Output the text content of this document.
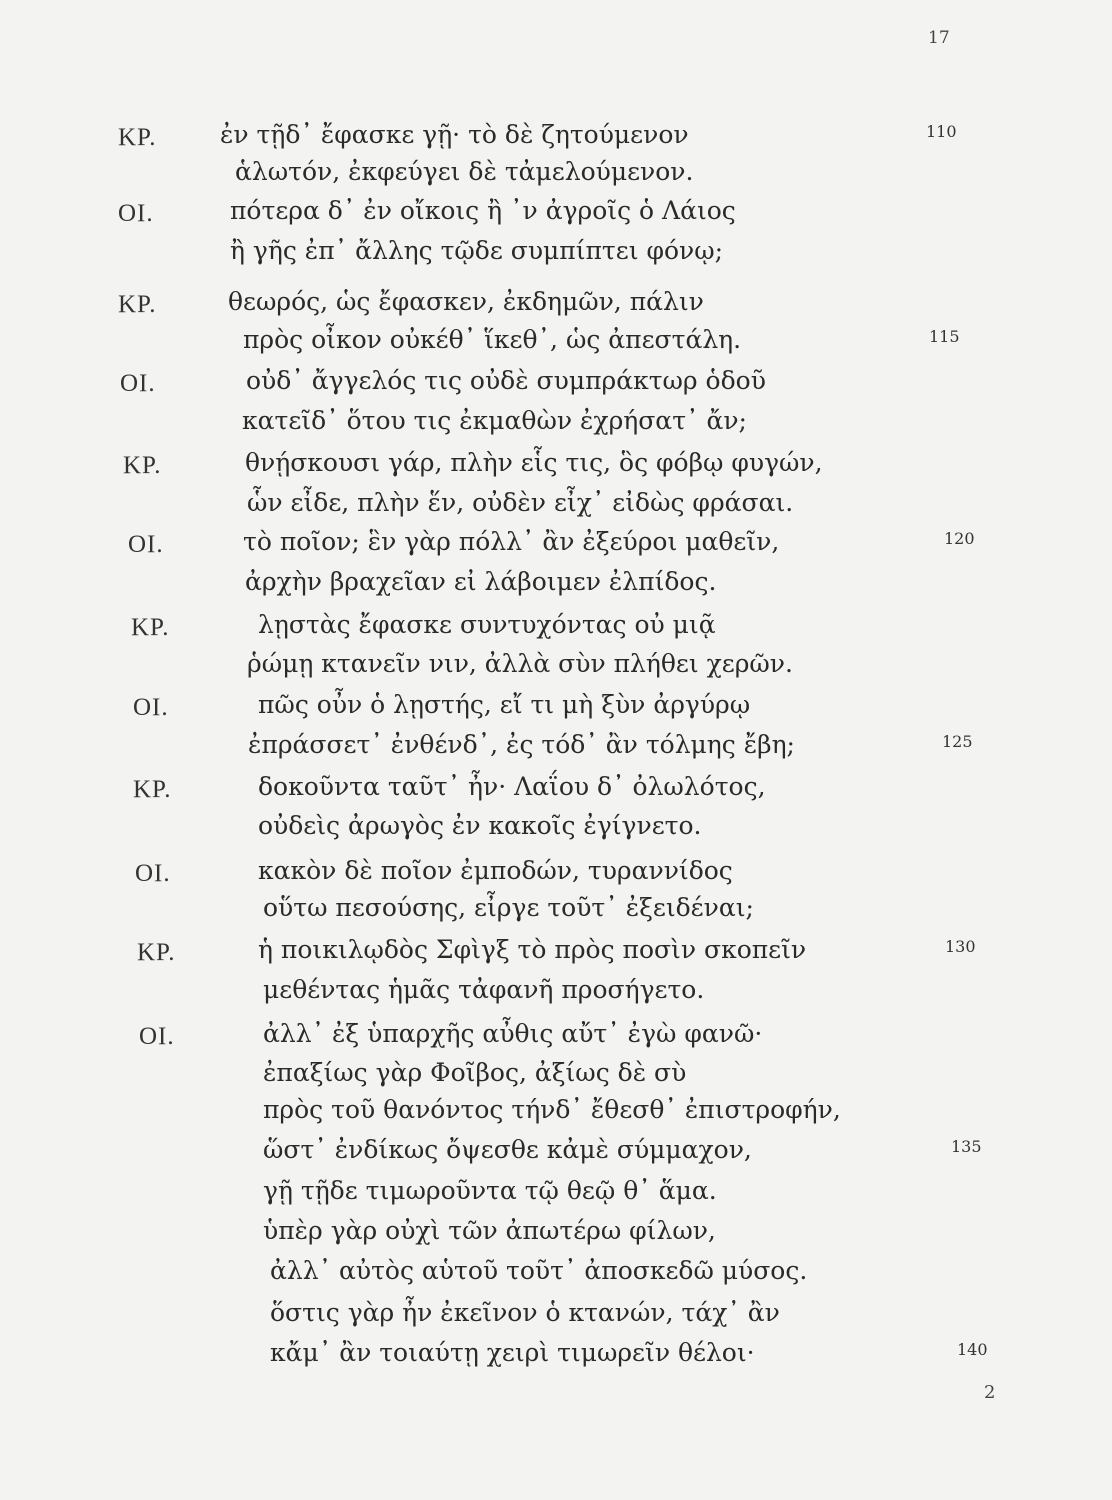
17
ΚΡ.	ἐν τῇδ᾽ ἔφασκε γῇ· τὸ δὲ ζητούμενον	110
ἁλωτόν, ἐκφεύγει δὲ τἀμελούμενον.
ΟΙ.	πότερα δ᾽ ἐν οἴκοις ἢ ᾽ν ἀγροῖς ὁ Λάιος
ἢ γῆς ἐπ᾽ ἄλλης τῷδε συμπίπτει φόνῳ;
ΚΡ.	θεωρός, ὡς ἔφασκεν, ἐκδημῶν, πάλιν
πρὸς οἶκον οὐκέθ᾽ ἵκεθ᾽, ὡς ἀπεστάλη.	115
ΟΙ.	οὐδ᾽ ἄγγελός τις οὐδὲ συμπράκτωρ ὁδοῦ
κατεῖδ᾽ ὅτου τις ἐκμαθὼν ἐχρήσατ᾽ ἄν;
ΚΡ.	θνῄσκουσι γάρ, πλὴν εἷς τις, ὃς φόβῳ φυγών,
ὧν εἶδε, πλὴν ἕν, οὐδὲν εἶχ᾽ εἰδὼς φράσαι.
ΟΙ.	τὸ ποῖον; ἓν γὰρ πόλλ᾽ ἂν ἐξεύροι μαθεῖν,	120
ἀρχὴν βραχεῖαν εἰ λάβοιμεν ἐλπίδος.
ΚΡ.	λῃστὰς ἔφασκε συντυχόντας οὐ μιᾷ
ῥώμῃ κτανεῖν νιν, ἀλλὰ σὺν πλήθει χερῶν.
ΟΙ.	πῶς οὖν ὁ λῃστής, εἴ τι μὴ ξὺν ἀργύρῳ
ἐπράσσετ᾽ ἐνθένδ᾽, ἐς τόδ᾽ ἂν τόλμης ἔβη;	125
ΚΡ.	δοκοῦντα ταῦτ᾽ ἦν· Λαΐου δ᾽ ὀλωλότος,
οὐδεὶς ἀρωγὸς ἐν κακοῖς ἐγίγνετο.
ΟΙ.	κακὸν δὲ ποῖον ἐμποδών, τυραννίδος
οὕτω πεσούσης, εἶργε τοῦτ᾽ ἐξειδέναι;
ΚΡ.	ἡ ποικιλῳδὸς Σφὶγξ τὸ πρὸς ποσὶν σκοπεῖν	130
μεθέντας ἡμᾶς τἀφανῆ προσήγετο.
ΟΙ.	ἀλλ᾽ ἐξ ὑπαρχῆς αὖθις αὔτ᾽ ἐγὼ φανῶ·
ἐπαξίως γὰρ Φοῖβος, ἀξίως δὲ σὺ
πρὸς τοῦ θανόντος τήνδ᾽ ἔθεσθ᾽ ἐπιστροφήν,
ὥστ᾽ ἐνδίκως ὄψεσθε κἀμὲ σύμμαχον,	135
γῇ τῇδε τιμωροῦντα τῷ θεῷ θ᾽ ἅμα.
ὑπὲρ γὰρ οὐχὶ τῶν ἀπωτέρω φίλων,
ἀλλ᾽ αὐτὸς αὑτοῦ τοῦτ᾽ ἀποσκεδῶ μύσος.
ὅστις γὰρ ἦν ἐκεῖνον ὁ κτανών, τάχ᾽ ἂν
κἄμ᾽ ἂν τοιαύτῃ χειρὶ τιμωρεῖν θέλοι·	140
2
